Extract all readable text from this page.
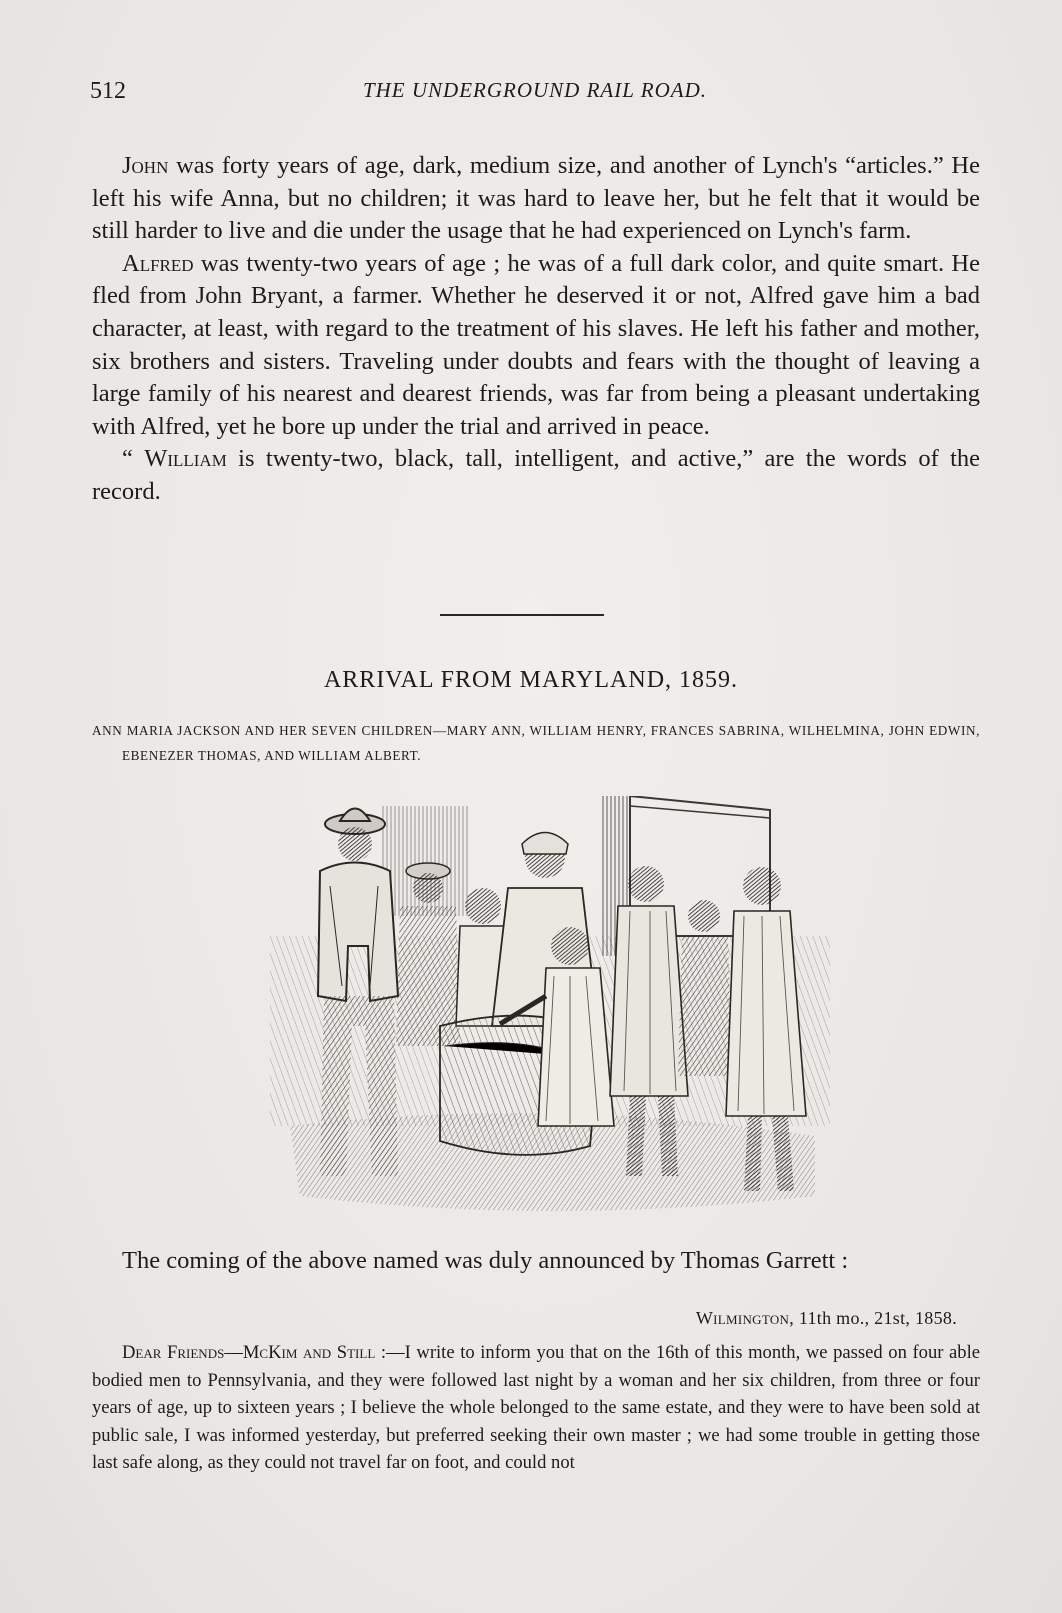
512	THE UNDERGROUND RAIL ROAD.

John was forty years of age, dark, medium size, and another of Lynch's “articles.” He left his wife Anna, but no children; it was hard to leave her, but he felt that it would be still harder to live and die under the usage that he had experienced on Lynch's farm.

Alfred was twenty-two years of age ; he was of a full dark color, and quite smart. He fled from John Bryant, a farmer. Whether he deserved it or not, Alfred gave him a bad character, at least, with regard to the treatment of his slaves. He left his father and mother, six brothers and sisters. Traveling under doubts and fears with the thought of leaving a large family of his nearest and dearest friends, was far from being a pleasant undertaking with Alfred, yet he bore up under the trial and arrived in peace.

“ William is twenty-two, black, tall, intelligent, and active,” are the words of the record.

ARRIVAL FROM MARYLAND, 1859.
ANN MARIA JACKSON AND HER SEVEN CHILDREN—MARY ANN, WILLIAM HENRY, FRANCES SABRINA, WILHELMINA, JOHN EDWIN, EBENEZER THOMAS, AND WILLIAM ALBERT.

The coming of the above named was duly announced by Thomas Garrett :

Wilmington, 11th mo., 21st, 1858.

Dear Friends—McKim and Still :—I write to inform you that on the 16th of this month, we passed on four able bodied men to Pennsylvania, and they were followed last night by a woman and her six children, from three or four years of age, up to sixteen years ; I believe the whole belonged to the same estate, and they were to have been sold at public sale, I was informed yesterday, but preferred seeking their own master ; we had some trouble in getting those last safe along, as they could not travel far on foot, and could not
